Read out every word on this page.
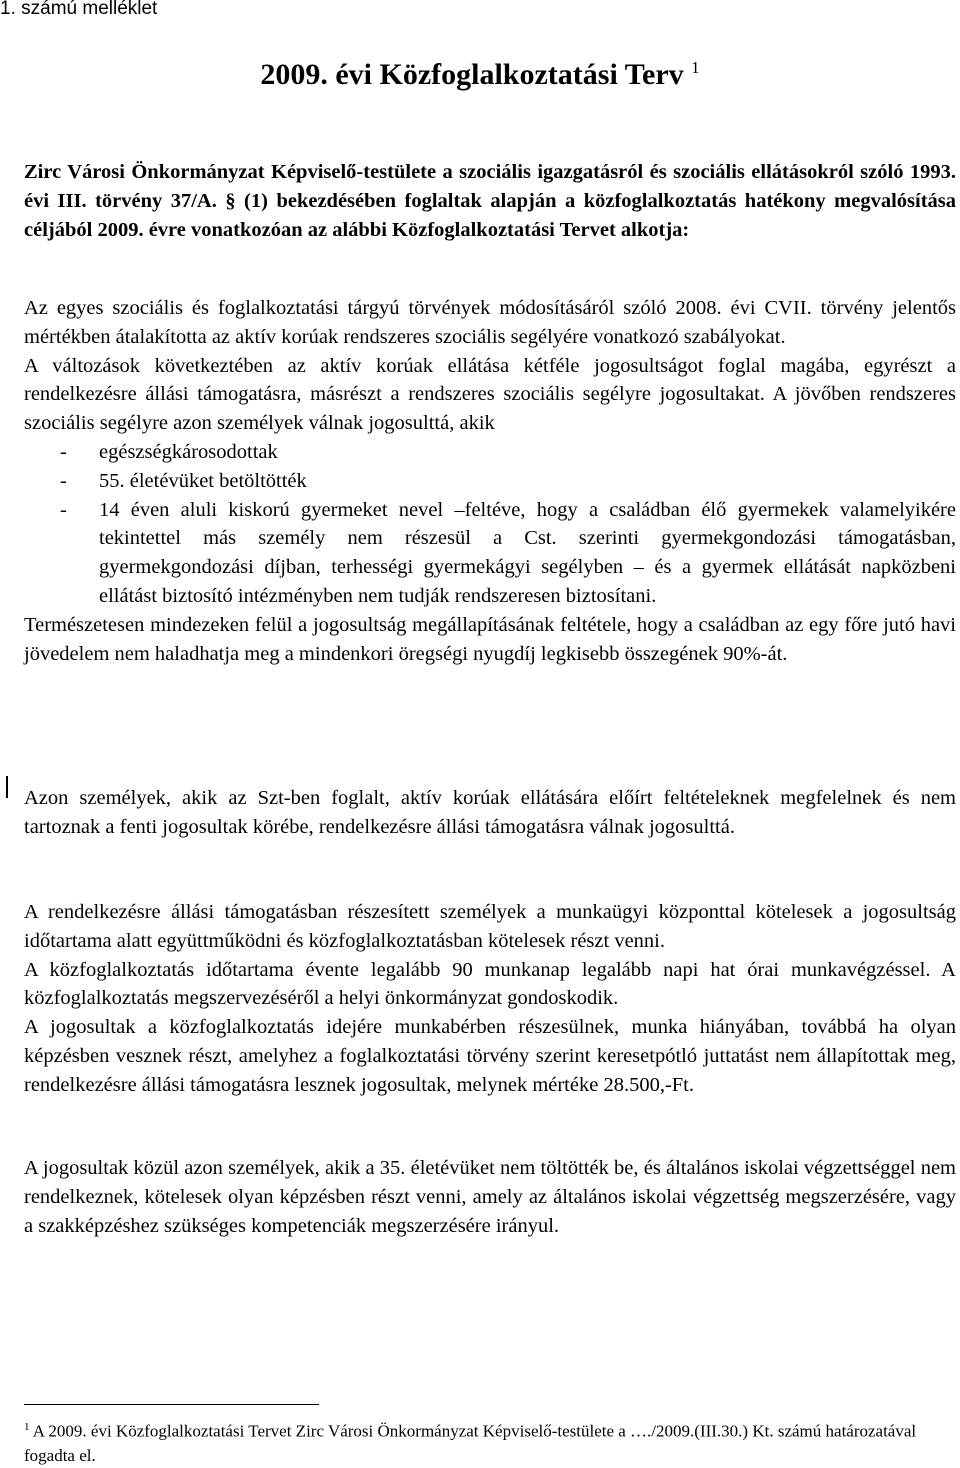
1. számú melléklet
2009. évi Közfoglalkoztatási Terv $^1$
Zirc Városi Önkormányzat Képviselő-testülete a szociális igazgatásról és szociális ellátásokról szóló 1993. évi III. törvény 37/A. § (1) bekezdésében foglaltak alapján a közfoglalkoztatás hatékony megvalósítása céljából 2009. évre vonatkozóan az alábbi Közfoglalkoztatási Tervet alkotja:

Az egyes szociális és foglalkoztatási tárgyú törvények módosításáról szóló 2008. évi CVII. törvény jelentős mértékben átalakította az aktív korúak rendszeres szociális segélyére vonatkozó szabályokat.

A változások következtében az aktív korúak ellátása kétféle jogosultságot foglal magába, egyrészt a rendelkezésre állási támogatásra, másrészt a rendszeres szociális segélyre jogosultakat. A jövőben rendszeres szociális segélyre azon személyek válnak jogosulttá, akik

- egészségkárosodottak
- 55. életévüket betöltötték
- 14 éven aluli kiskorú gyermeket nevel –feltéve, hogy a családban élő gyermekek valamelyikére tekintettel más személy nem részesül a Cst. szerinti gyermekgondozási támogatásban, gyermekgondozási díjban, terhességi gyermekágyi segélyben – és a gyermek ellátását napközbeni ellátást biztosító intézményben nem tudják rendszeresen biztosítani.

Természetesen mindezeken felül a jogosultság megállapításának feltétele, hogy a családban az egy főre jutó havi jövedelem nem haladhatja meg a mindenkori öregségi nyugdíj legkisebb összegének 90%-át.

Azon személyek, akik az Szt-ben foglalt, aktív korúak ellátására előírt feltételeknek megfelelnek és nem tartoznak a fenti jogosultak körébe, rendelkezésre állási támogatásra válnak jogosulttá.

A rendelkezésre állási támogatásban részesített személyek a munkaügyi központtal kötelesek a jogosultság időtartama alatt együttműködni és közfoglalkoztatásban kötelesek részt venni.

A közfoglalkoztatás időtartama évente legalább 90 munkanap legalább napi hat órai munkavégzéssel. A közfoglalkoztatás megszervezéséről a helyi önkormányzat gondoskodik.

A jogosultak a közfoglalkoztatás idejére munkabérben részesülnek, munka hiányában, továbbá ha olyan képzésben vesznek részt, amelyhez a foglalkoztatási törvény szerint keresetpótló juttatást nem állapítottak meg, rendelkezésre állási támogatásra lesznek jogosultak, melynek mértéke 28.500,-Ft.

A jogosultak közül azon személyek, akik a 35. életévüket nem töltötték be, és általános iskolai végzettséggel nem rendelkeznek, kötelesek olyan képzésben részt venni, amely az általános iskolai végzettség megszerzésére, vagy a szakképzéshez szükséges kompetenciák megszerzésére irányul.
$^1$ A 2009. évi Közfoglalkoztatási Tervet Zirc Városi Önkormányzat Képviselő-testülete a …./2009.(III.30.) Kt. számú határozatával fogadta el.
